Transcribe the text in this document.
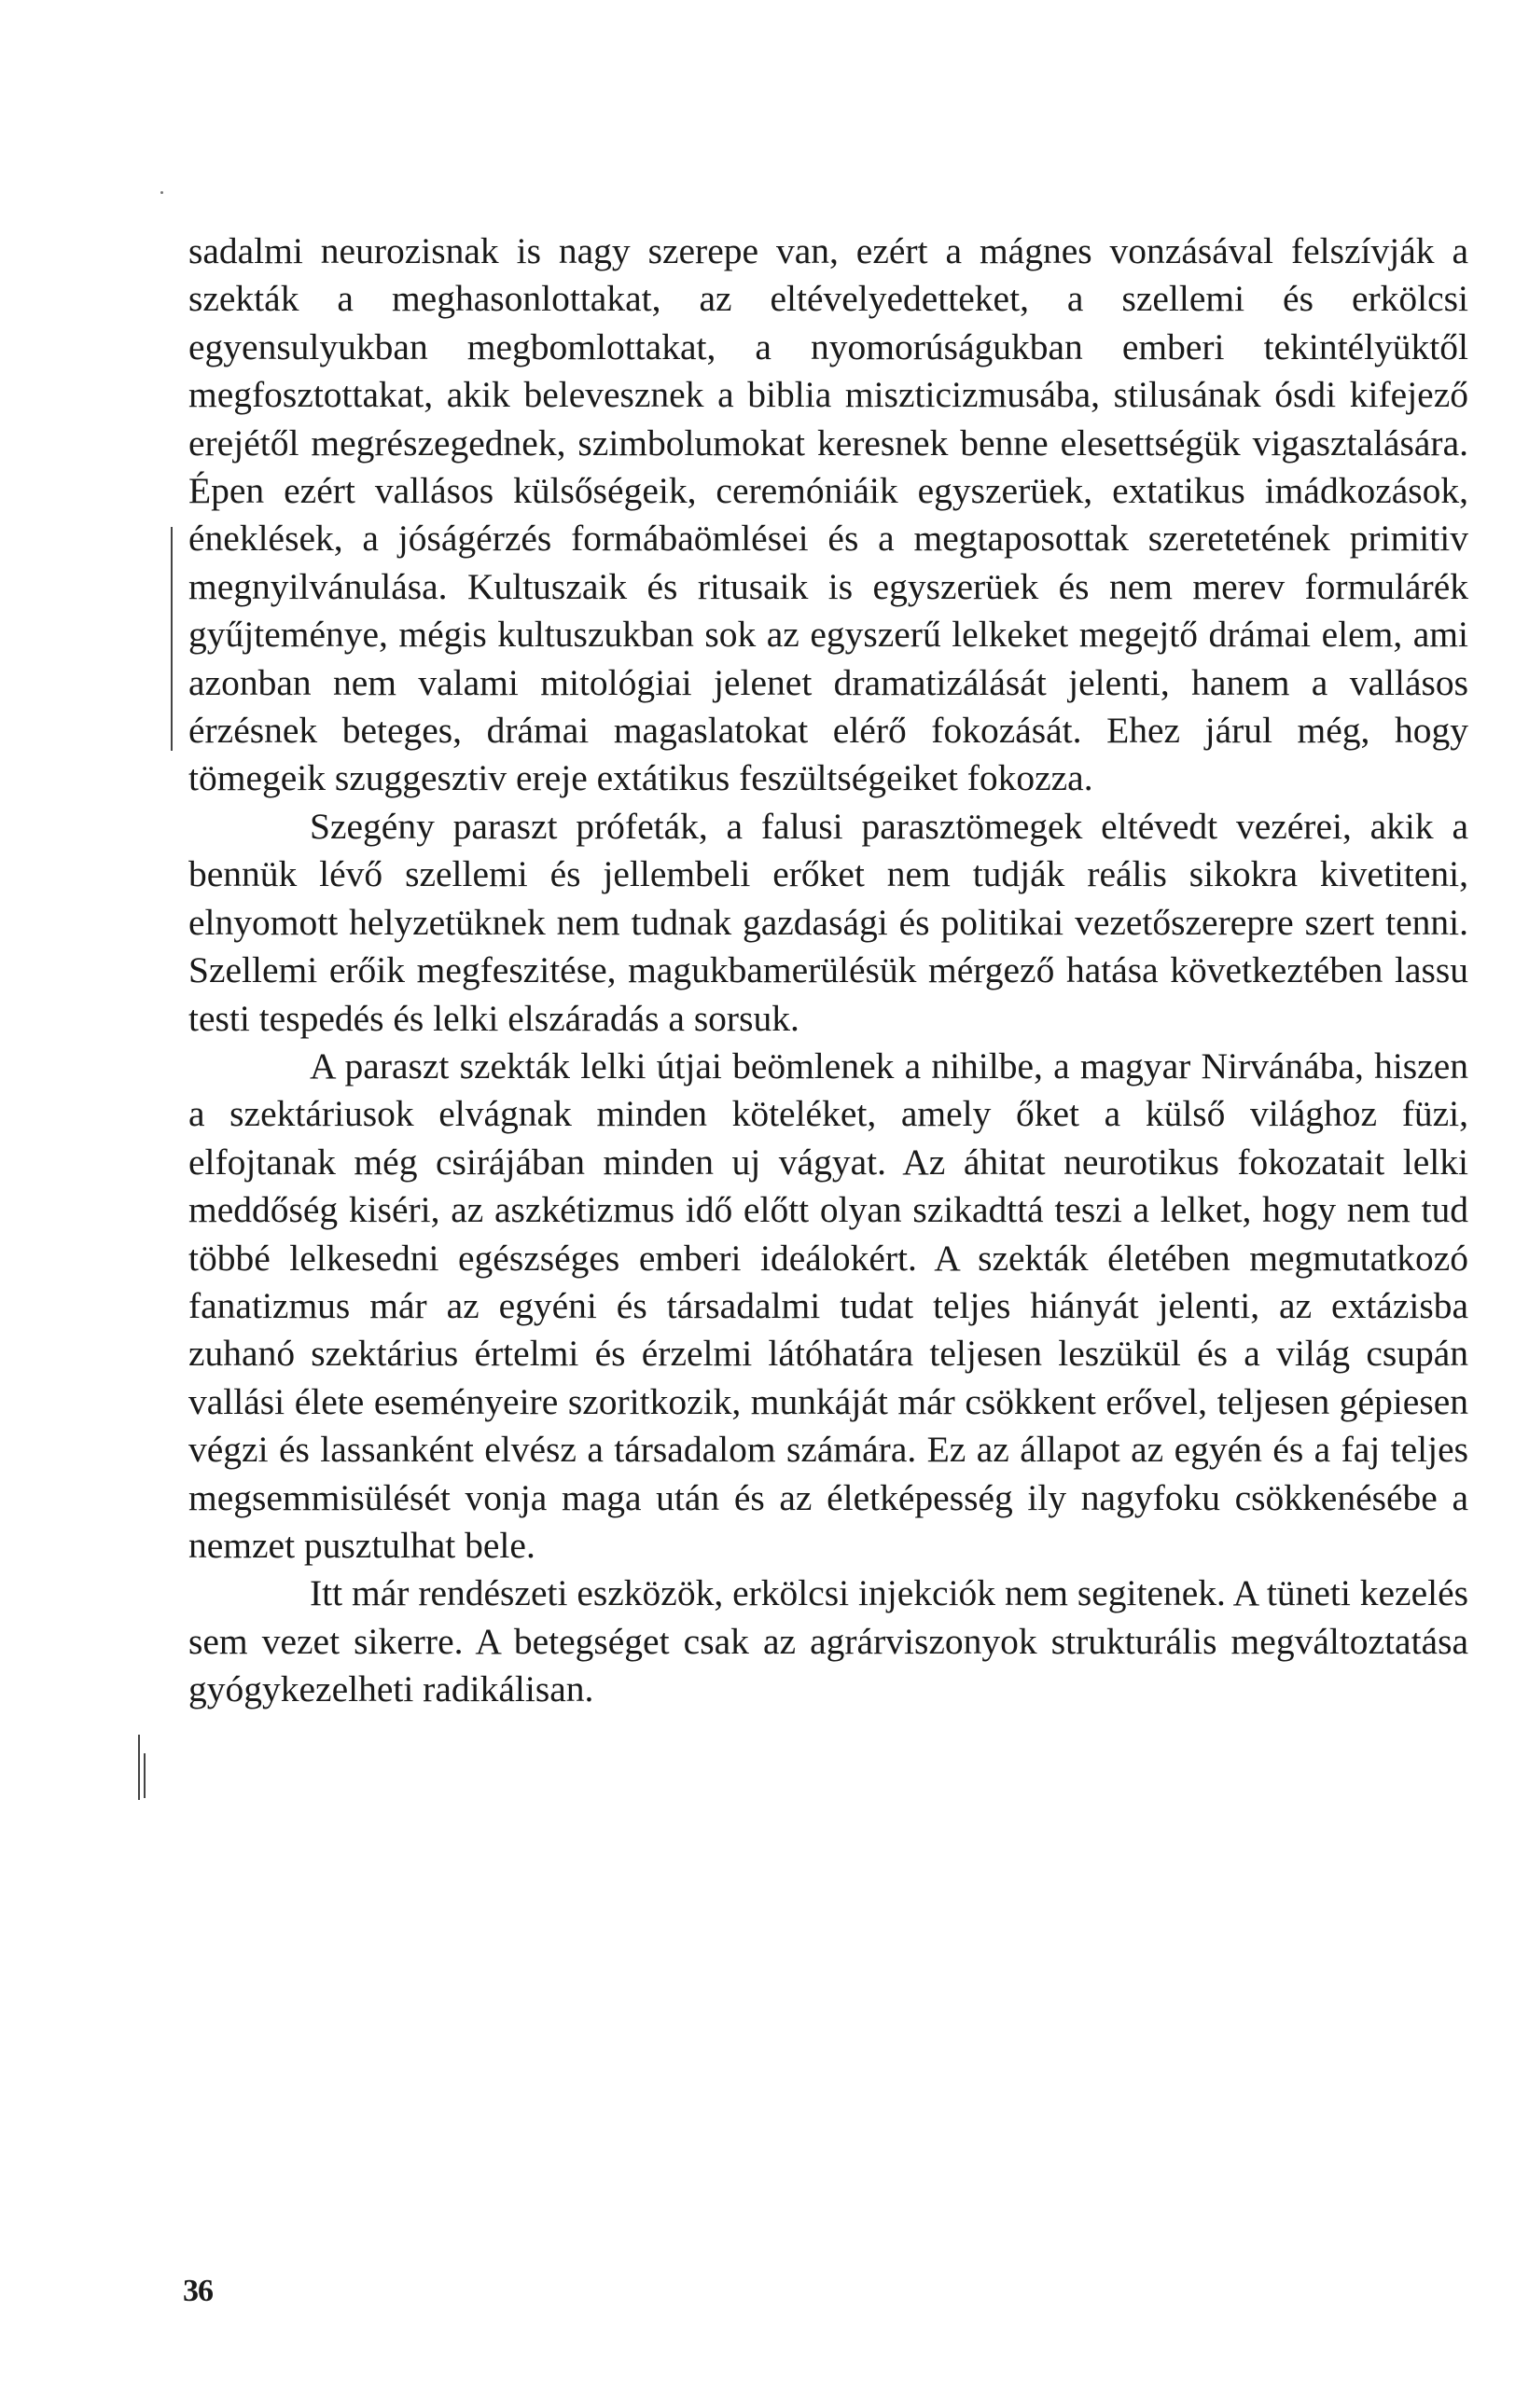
sadalmi neurozisnak is nagy szerepe van, ezért a mágnes vonzásával felszívják a szekták a meghasonlottakat, az eltévelyedetteket, a szellemi és erkölcsi egyensulyukban megbomlottakat, a nyomorúságukban emberi tekintélyüktől megfosztottakat, akik belevesznek a biblia miszticizmusába, stilusának ósdi kifejező erejétől megrészegednek, szimbolumokat keresnek benne elesettségük vigasztalására. Épen ezért vallásos külsőségeik, ceremóniáik egyszerüek, extatikus imádkozások, éneklések, a jóságérzés formábaömlései és a megtaposottak szeretetének primitiv megnyilvánulása. Kultuszaik és ritusaik is egyszerüek és nem merev formulárék gyűjteménye, mégis kultuszukban sok az egyszerű lelkeket megejtő drámai elem, ami azonban nem valami mitológiai jelenet dramatizálását jelenti, hanem a vallásos érzésnek beteges, drámai magaslatokat elérő fokozását. Ehez járul még, hogy tömegeik szuggesztiv ereje extátikus feszültségeiket fokozza.

Szegény paraszt prófeták, a falusi parasztömegek eltévedt vezérei, akik a bennük lévő szellemi és jellembeli erőket nem tudják reális sikokra kivetiteni, elnyomott helyzetüknek nem tudnak gazdasági és politikai vezetőszerepre szert tenni. Szellemi erőik megfeszitése, magukbamerülésük mérgező hatása következtében lassu testi tespedés és lelki elszáradás a sorsuk.

A paraszt szekták lelki útjai beömlenek a nihilbe, a magyar Nirvánába, hiszen a szektáriusok elvágnak minden köteléket, amely őket a külső világhoz füzi, elfojtanak még csirájában minden uj vágyat. Az áhitat neurotikus fokozatait lelki meddőség kiséri, az aszkétizmus idő előtt olyan szikadttá teszi a lelket, hogy nem tud többé lelkesedni egészséges emberi ideálokért. A szekták életében megmutatkozó fanatizmus már az egyéni és társadalmi tudat teljes hiányát jelenti, az extázisba zuhanó szektárius értelmi és érzelmi látóhatára teljesen leszükül és a világ csupán vallási élete eseményeire szoritkozik, munkáját már csökkent erővel, teljesen gépiesen végzi és lassanként elvész a társadalom számára. Ez az állapot az egyén és a faj teljes megsemmisülését vonja maga után és az életképesség ily nagyfoku csökkenésébe a nemzet pusztulhat bele.

Itt már rendészeti eszközök, erkölcsi injekciók nem segitenek. A tüneti kezelés sem vezet sikerre. A betegséget csak az agrárviszonyok strukturális megváltoztatása gyógykezelheti radikálisan.

36
